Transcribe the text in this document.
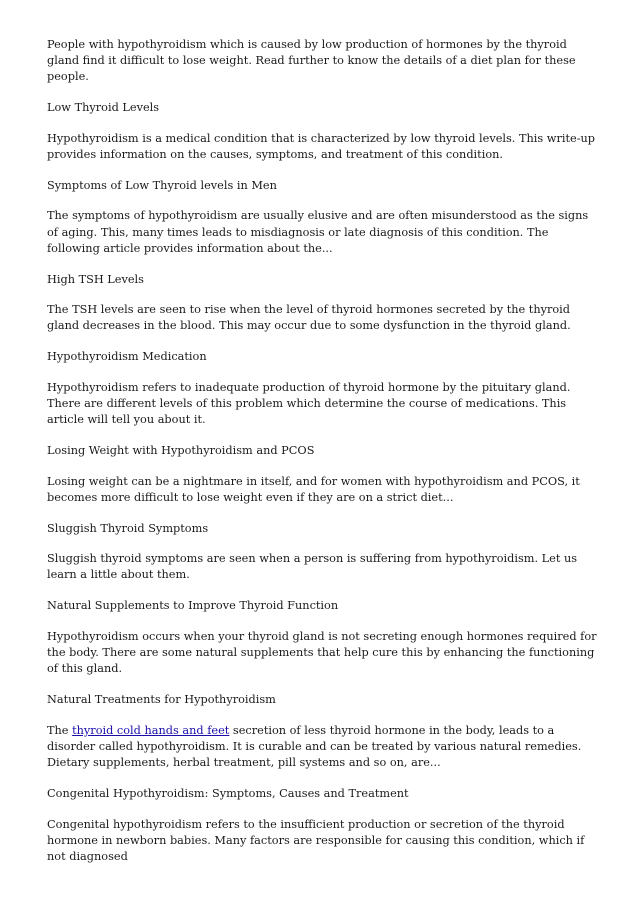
People with hypothyroidism which is caused by low production of hormones by the thyroid gland find it difficult to lose weight. Read further to know the details of a diet plan for these people.

Low Thyroid Levels

Hypothyroidism is a medical condition that is characterized by low thyroid levels. This write-up provides information on the causes, symptoms, and treatment of this condition.

Symptoms of Low Thyroid levels in Men

The symptoms of hypothyroidism are usually elusive and are often misunderstood as the signs of aging. This, many times leads to misdiagnosis or late diagnosis of this condition. The following article provides information about the...

High TSH Levels

The TSH levels are seen to rise when the level of thyroid hormones secreted by the thyroid gland decreases in the blood. This may occur due to some dysfunction in the thyroid gland.

Hypothyroidism Medication

Hypothyroidism refers to inadequate production of thyroid hormone by the pituitary gland. There are different levels of this problem which determine the course of medications. This article will tell you about it.

Losing Weight with Hypothyroidism and PCOS

Losing weight can be a nightmare in itself, and for women with hypothyroidism and PCOS, it becomes more difficult to lose weight even if they are on a strict diet...

Sluggish Thyroid Symptoms

Sluggish thyroid symptoms are seen when a person is suffering from hypothyroidism. Let us learn a little about them.

Natural Supplements to Improve Thyroid Function

Hypothyroidism occurs when your thyroid gland is not secreting enough hormones required for the body. There are some natural supplements that help cure this by enhancing the functioning of this gland.

Natural Treatments for Hypothyroidism

The thyroid cold hands and feet secretion of less thyroid hormone in the body, leads to a disorder called hypothyroidism. It is curable and can be treated by various natural remedies. Dietary supplements, herbal treatment, pill systems and so on, are...

Congenital Hypothyroidism: Symptoms, Causes and Treatment

Congenital hypothyroidism refers to the insufficient production or secretion of the thyroid hormone in newborn babies. Many factors are responsible for causing this condition, which if not diagnosed
